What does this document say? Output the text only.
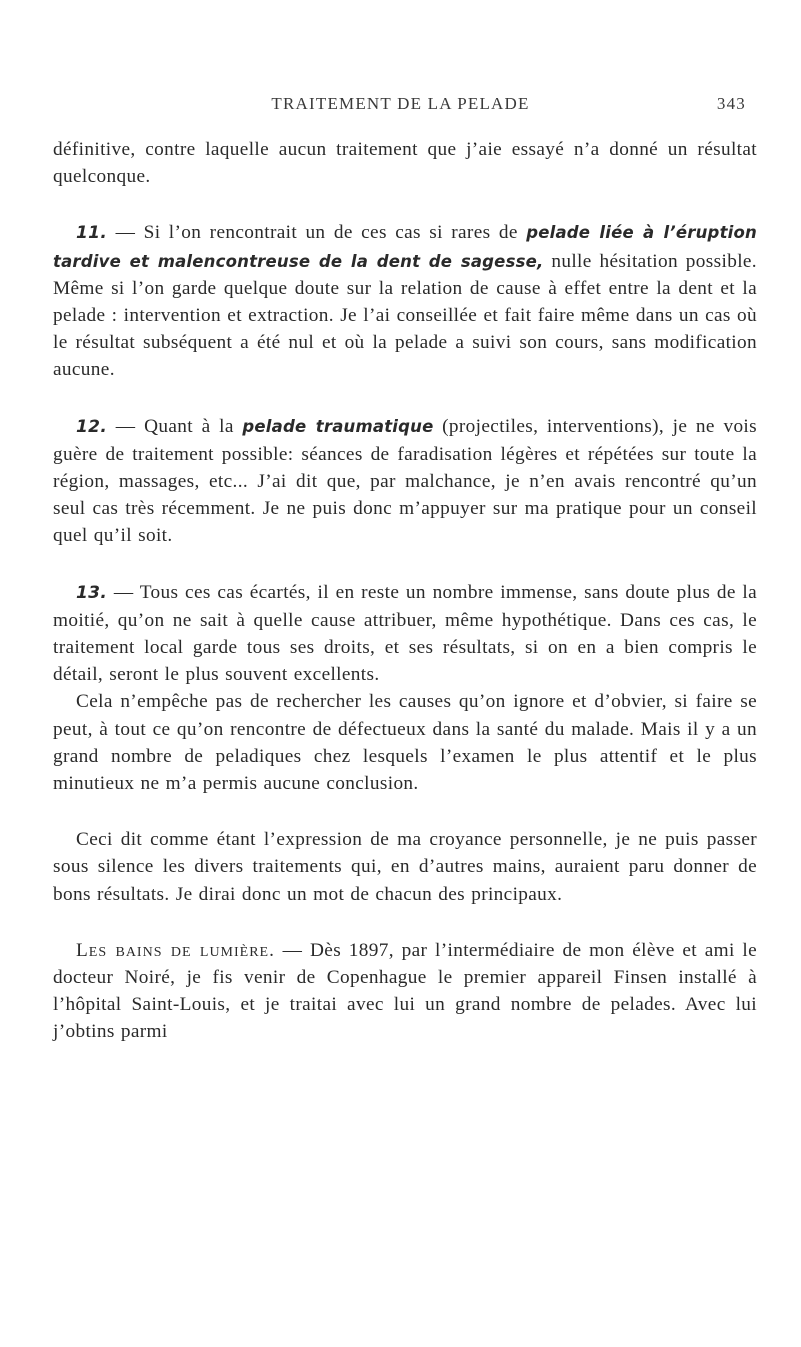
TRAITEMENT DE LA PELADE	343

définitive, contre laquelle aucun traitement que j’aie essayé n’a donné un résultat quelconque.

11. — Si l’on rencontrait un de ces cas si rares de pelade liée à l’éruption tardive et malencontreuse de la dent de sagesse, nulle hésitation possible. Même si l’on garde quelque doute sur la relation de cause à effet entre la dent et la pelade : intervention et extraction. Je l’ai conseillée et fait faire même dans un cas où le résultat subséquent a été nul et où la pelade a suivi son cours, sans modification aucune.

12. — Quant à la pelade traumatique (projectiles, interventions), je ne vois guère de traitement possible: séances de faradisation légères et répétées sur toute la région, massages, etc... J’ai dit que, par malchance, je n’en avais rencontré qu’un seul cas très récemment. Je ne puis donc m’appuyer sur ma pratique pour un conseil quel qu’il soit.

13. — Tous ces cas écartés, il en reste un nombre immense, sans doute plus de la moitié, qu’on ne sait à quelle cause attribuer, même hypothétique. Dans ces cas, le traitement local garde tous ses droits, et ses résultats, si on en a bien compris le détail, seront le plus souvent excellents.

Cela n’empêche pas de rechercher les causes qu’on ignore et d’obvier, si faire se peut, à tout ce qu’on rencontre de défectueux dans la santé du malade. Mais il y a un grand nombre de peladiques chez lesquels l’examen le plus attentif et le plus minutieux ne m’a permis aucune conclusion.

Ceci dit comme étant l’expression de ma croyance personnelle, je ne puis passer sous silence les divers traitements qui, en d’autres mains, auraient paru donner de bons résultats. Je dirai donc un mot de chacun des principaux.

Les bains de lumière. — Dès 1897, par l’intermédiaire de mon élève et ami le docteur Noiré, je fis venir de Copenhague le premier appareil Finsen installé à l’hôpital Saint-Louis, et je traitai avec lui un grand nombre de pelades. Avec lui j’obtins parmi
